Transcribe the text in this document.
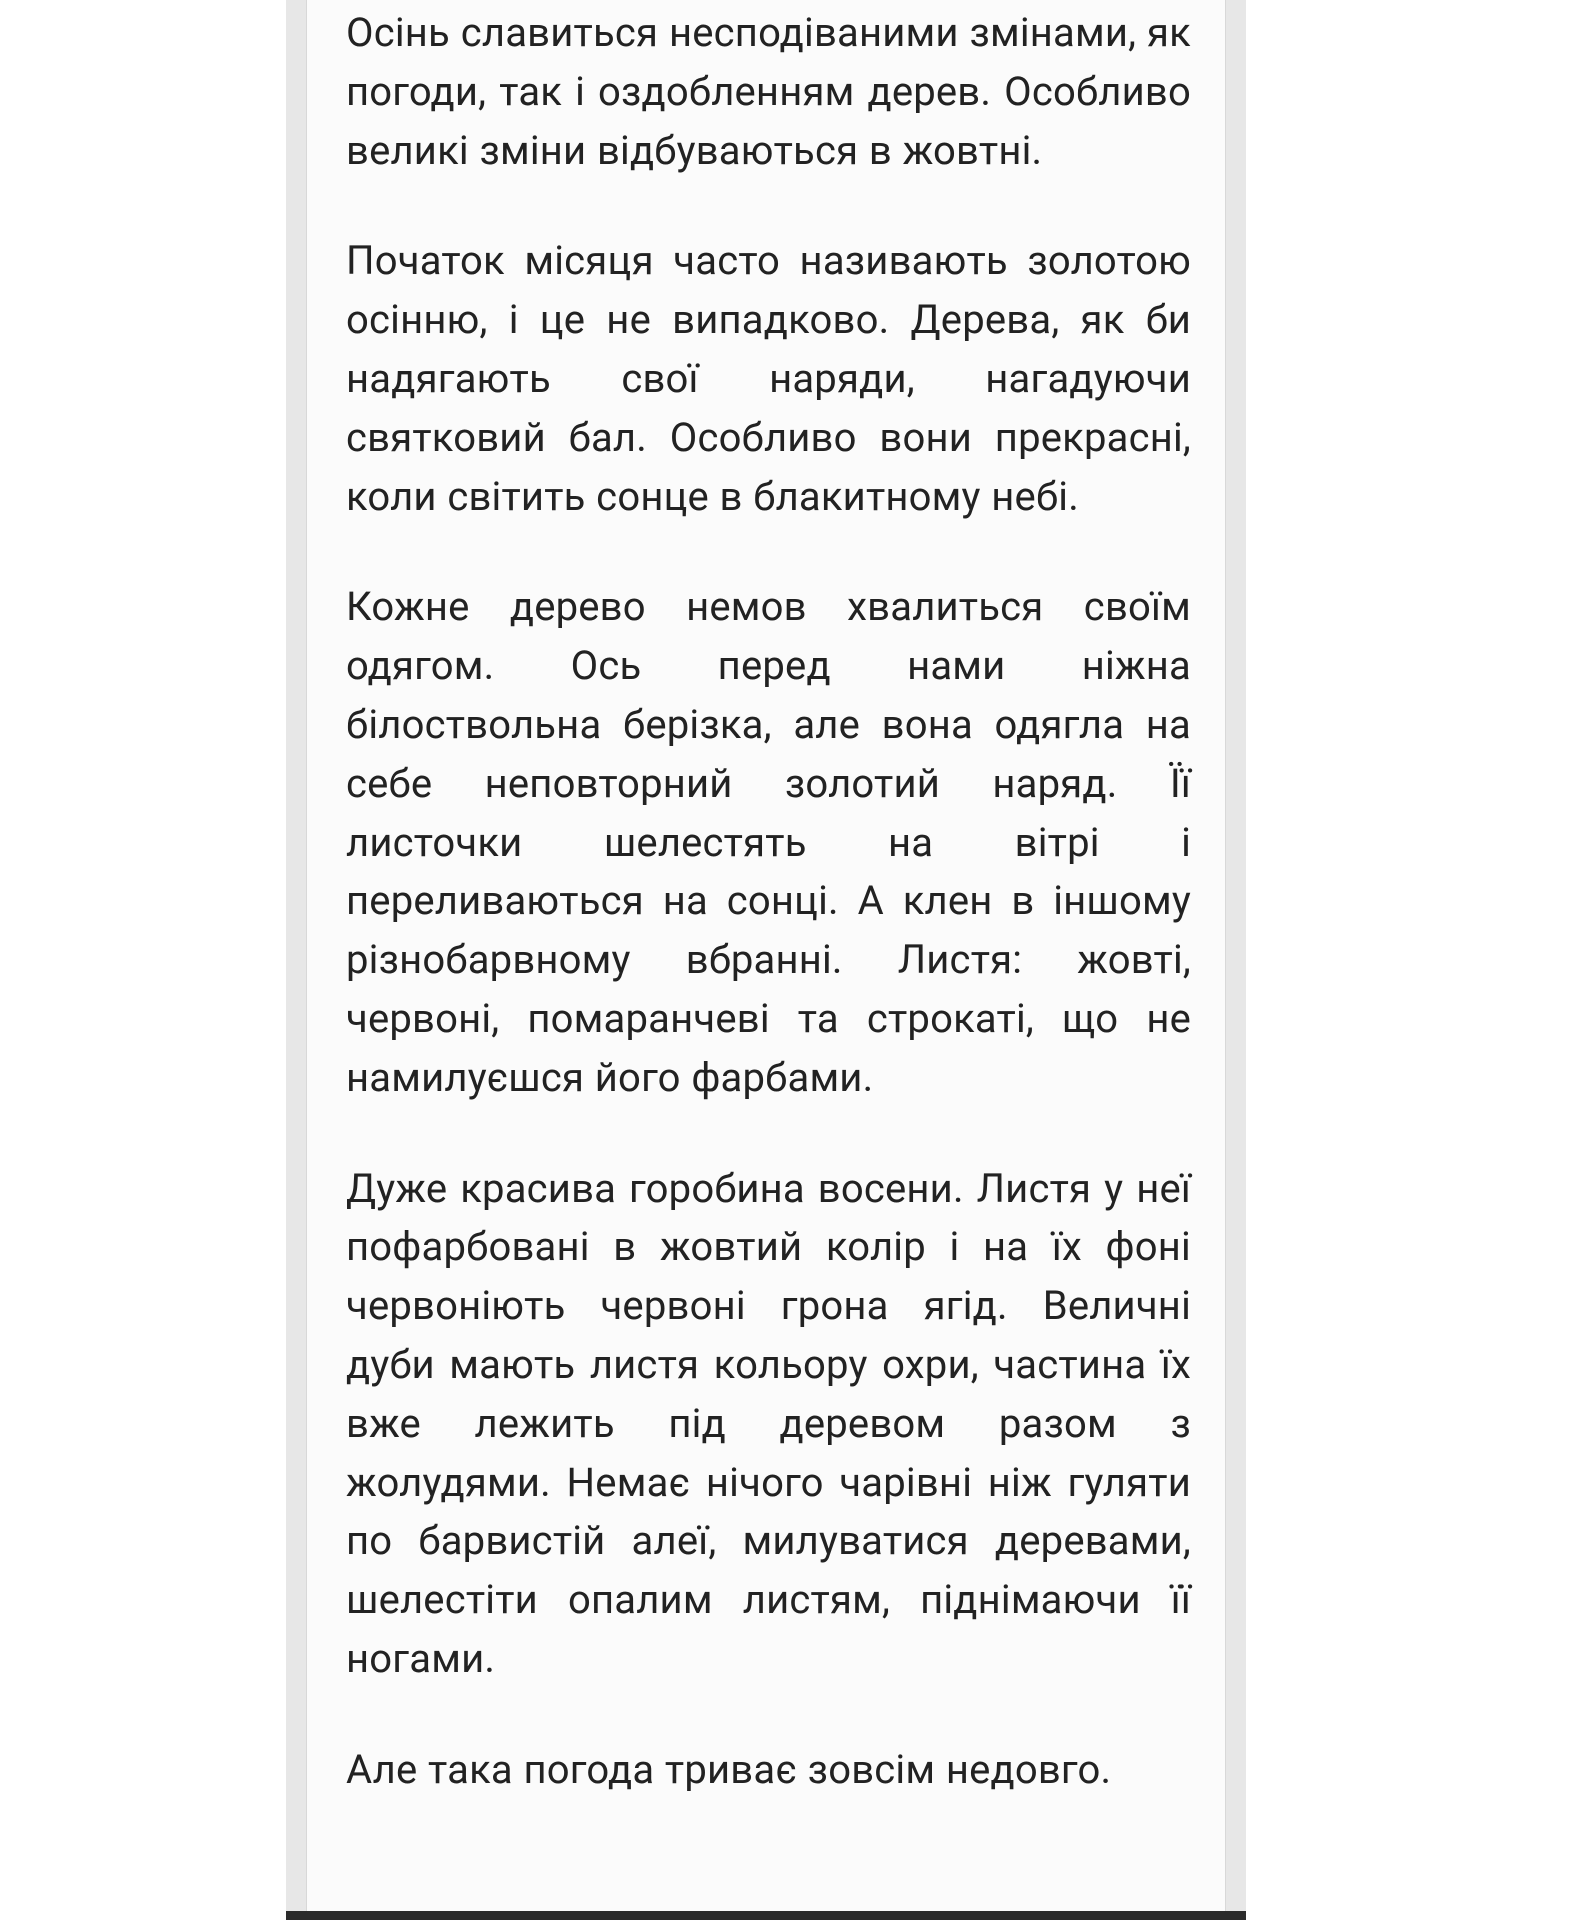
Осінь славиться несподіваними змінами, як погоди, так і оздобленням дерев. Особливо великі зміни відбуваються в жовтні.

Початок місяця часто називають золотою осінню, і це не випадково. Дерева, як би надягають свої наряди, нагадуючи святковий бал. Особливо вони прекрасні, коли світить сонце в блакитному небі.

Кожне дерево немов хвалиться своїм одягом. Ось перед нами ніжна білоствольна берізка, але вона одягла на себе неповторний золотий наряд. Її листочки шелестять на вітрі і переливаються на сонці. А клен в іншому різнобарвному вбранні. Листя: жовті, червоні, помаранчеві та строкаті, що не намилуєшся його фарбами.

Дуже красива горобина восени. Листя у неї пофарбовані в жовтий колір і на їх фоні червоніють червоні грона ягід. Величні дуби мають листя кольору охри, частина їх вже лежить під деревом разом з жолудями. Немає нічого чарівні ніж гуляти по барвистій алеї, милуватися деревами, шелестіти опалим листям, піднімаючи її ногами.

Але така погода триває зовсім недовго.
